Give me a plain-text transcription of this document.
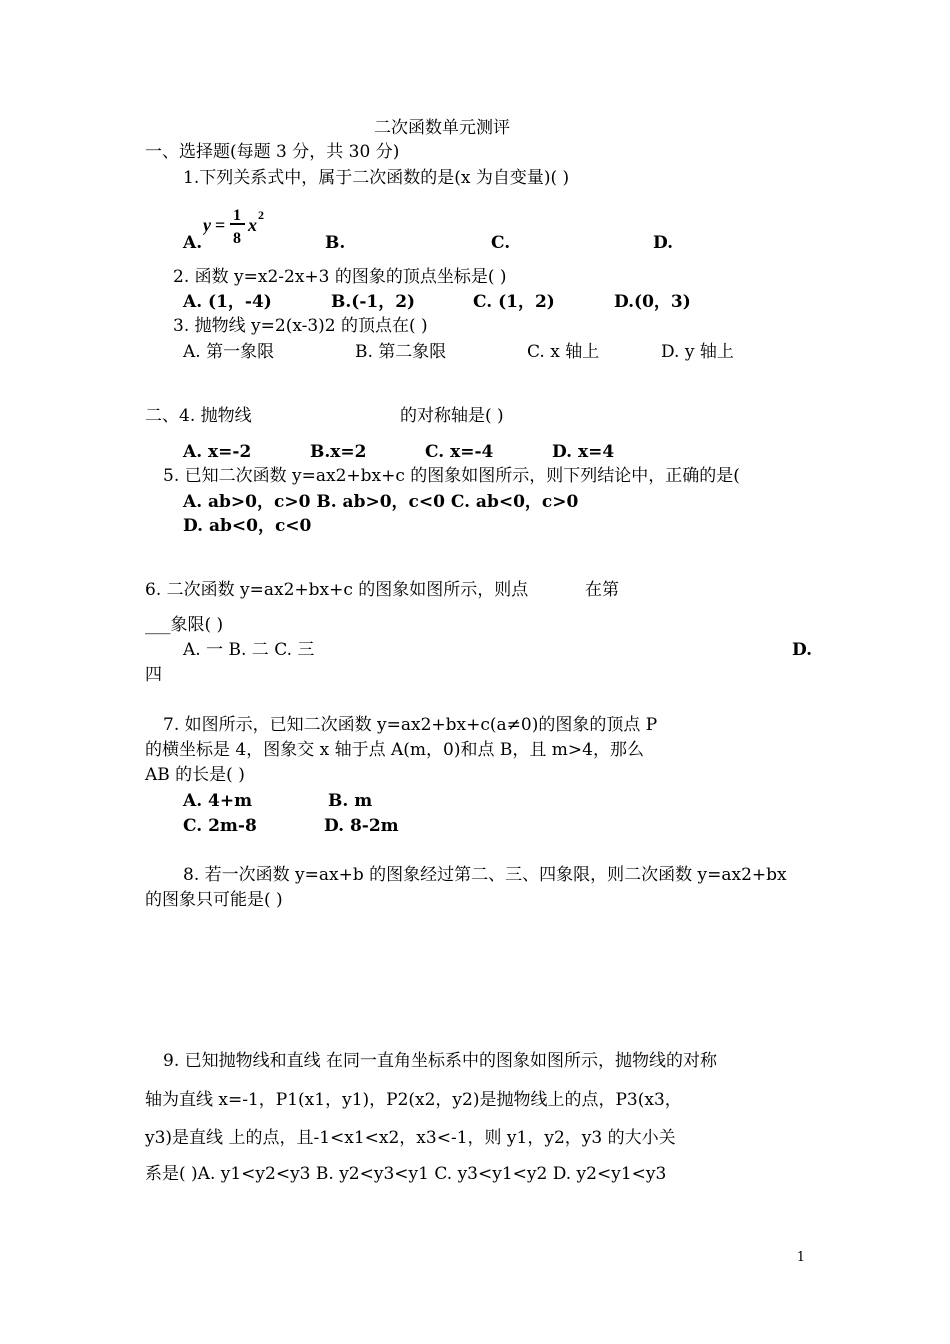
二次函数单元测评
一、选择题(每题 3 分，共 30 分)
1.下列关系式中，属于二次函数的是(x 为自变量)( )
y = 1
8
x 2
A.	B.	C.	D.
2. 函数 y=x2-2x+3 的图象的顶点坐标是( )
A. (1，-4)	B.(-1，2)	C. (1，2)	D.(0，3)
3. 抛物线 y=2(x-3)2 的顶点在( )
A. 第一象限	B. 第二象限	C. x 轴上	D. y 轴上
二、4. 抛物线	的对称轴是( )
A. x=-2	B.x=2	C. x=-4	D. x=4
5. 已知二次函数 y=ax2+bx+c 的图象如图所示，则下列结论中，正确的是(
A. ab>0，c>0 B. ab>0，c<0 C. ab<0，c>0
D. ab<0，c<0
6. 二次函数 y=ax2+bx+c 的图象如图所示，则点	在第
___象限( )
A. 一 B. 二 C. 三	D.
四
7. 如图所示，已知二次函数 y=ax2+bx+c(a≠0)的图象的顶点 P
的横坐标是 4，图象交 x 轴于点 A(m，0)和点 B，且 m>4，那么
AB 的长是( )
A. 4+m	B. m
C. 2m-8	D. 8-2m
8. 若一次函数 y=ax+b 的图象经过第二、三、四象限，则二次函数 y=ax2+bx
的图象只可能是( )
9. 已知抛物线和直线 在同一直角坐标系中的图象如图所示，抛物线的对称
轴为直线 x=-1，P1(x1，y1)，P2(x2，y2)是抛物线上的点，P3(x3，
y3)是直线 上的点，且-1<x1<x2，x3<-1，则 y1，y2，y3 的大小关
系是( )A. y1<y2<y3 B. y2<y3<y1 C. y3<y1<y2 D. y2<y1<y3
1
